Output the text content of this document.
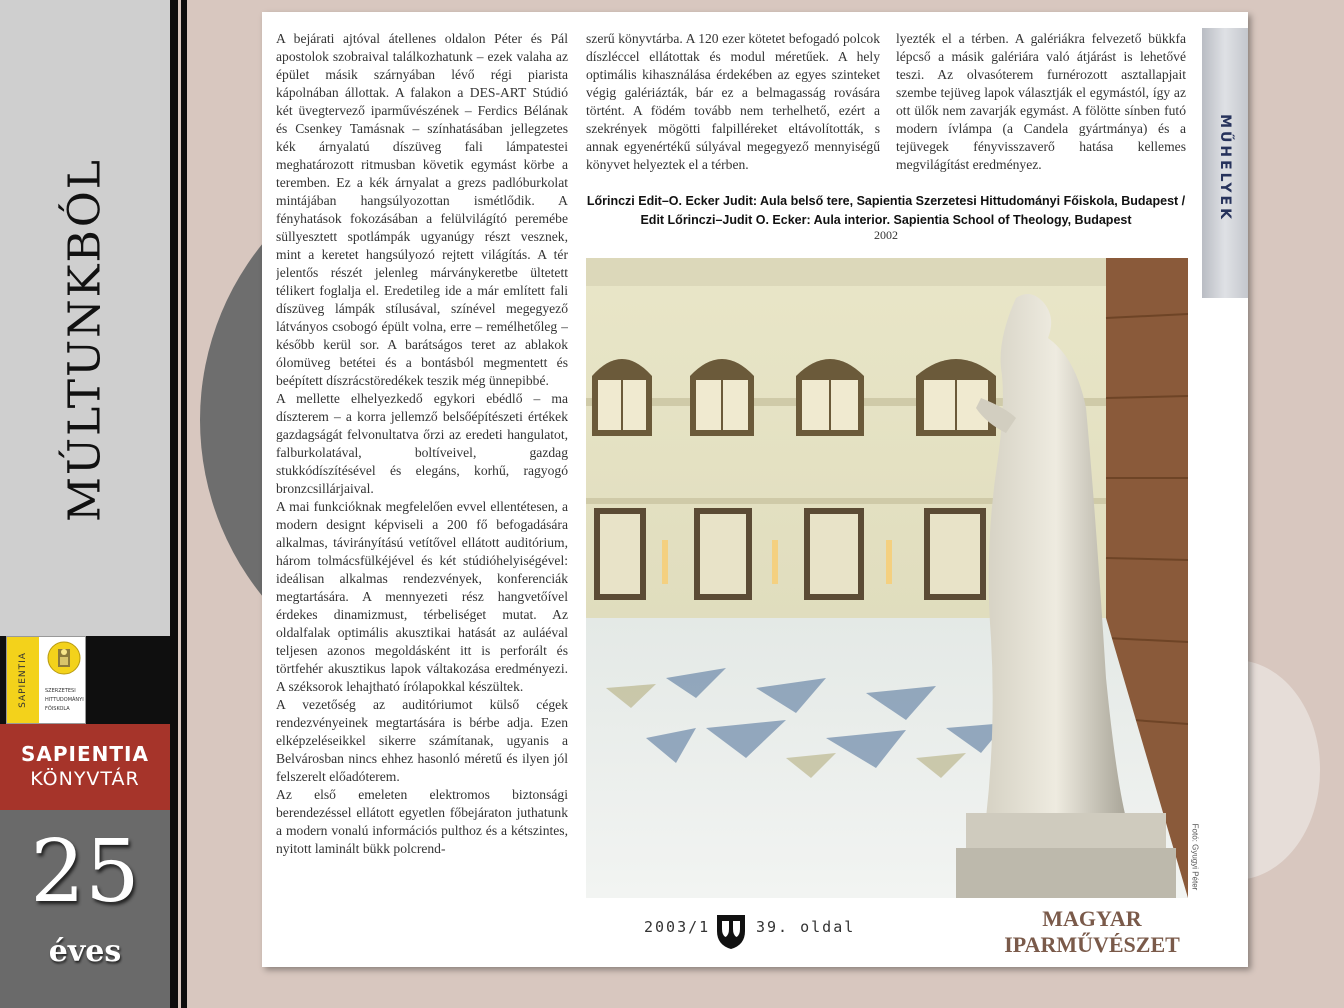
MÚLTUNKBÓL
SAPIENTIA	SZERZETESI
HITTUDOMÁNYI
FŐISKOLA
SAPIENTIA
KÖNYVTÁR
25
éves
A bejárati ajtóval átellenes oldalon Péter és Pál apostolok szobraival találkozhatunk – ezek valaha az épület másik szárnyában lévő régi piarista kápolnában állottak. A falakon a DES-ART Stúdió két üvegtervező iparművészének – Ferdics Bélának és Csenkey Tamásnak – színhatásában jellegzetes kék árnyalatú díszüveg fali lámpatestei meghatározott ritmusban követik egymást körbe a teremben. Ez a kék árnyalat a grezs padlóburkolat mintájában hangsúlyozottan ismétlődik. A fényhatások fokozásában a felülvilágító peremébe süllyesztett spotlámpák ugyanúgy részt vesznek, mint a keretet hangsúlyozó rejtett világítás. A tér jelentős részét jelenleg márványkeretbe ültetett télikert foglalja el. Eredetileg ide a már említett fali díszüveg lámpák stílusával, színével megegyező látványos csobogó épült volna, erre – remélhetőleg – később kerül sor. A barátságos teret az ablakok ólomüveg betétei és a bontásból megmentett és beépített díszrácstöredékek teszik még ünnepibbé.
A mellette elhelyezkedő egykori ebédlő – ma díszterem – a korra jellemző belsőépítészeti értékek gazdagságát felvonultatva őrzi az eredeti hangulatot, falburkolatával, boltíveivel, gazdag stukkódíszítésével és elegáns, korhű, ragyogó bronzcsillárjaival.
A mai funkcióknak megfelelően evvel ellentétesen, a modern designt képviseli a 200 fő befogadására alkalmas, távirányítású vetítővel ellátott auditórium, három tolmácsfülkéjével és két stúdióhelyiségével: ideálisan alkalmas rendezvények, konferenciák megtartására. A mennyezeti rész hangvetőível érdekes dinamizmust, térbeliséget mutat. Az oldalfalak optimális akusztikai hatását az auláéval teljesen azonos megoldásként itt is perforált és törtfehér akusztikus lapok váltakozása eredményezi. A széksorok lehajtható írólapokkal készültek.
A vezetőség az auditóriumot külső cégek rendezvényeinek megtartására is bérbe adja. Ezen elképzeléseikkel sikerre számítanak, ugyanis a Belvárosban nincs ehhez hasonló méretű és ilyen jól felszerelt előadóterem.
Az első emeleten elektromos biztonsági berendezéssel ellátott egyetlen főbejáraton juthatunk a modern vonalú információs pulthoz és a kétszintes, nyitott laminált bükk polcrend-
szerű könyvtárba. A 120 ezer kötetet befogadó polcok díszléccel ellátottak és modul méretűek. A hely optimális kihasználása érdekében az egyes szinteket végig galériázták, bár ez a belmagasság rovására történt. A födém tovább nem terhelhető, ezért a szekrények mögötti falpilléreket eltávolították, s annak egyenértékű súlyával megegyező mennyiségű könyvet helyeztek el a térben.
lyezték el a térben. A galériákra felvezető bükkfa lépcső a másik galériára való átjárást is lehetővé teszi. Az olvasóterem furnérozott asztallapjait szembe tejüveg lapok választják el egymástól, így az ott ülők nem zavarják egymást. A fölötte sínben futó modern ívlámpa (a Candela gyártmánya) és a tejüvegek fényvisszaverő hatása kellemes megvilágítást eredményez.	MŰHELYEK
Lőrinczi Edit–O. Ecker Judit: Aula belső tere, Sapientia Szerzetesi Hittudományi Főiskola, Budapest /
Edit Lőrinczi–Judit O. Ecker: Aula interior. Sapientia School of Theology, Budapest
2002
Fotó: Gyugyi Péter
2003/1	39. oldal	MAGYAR
IPARMŰVÉSZET
